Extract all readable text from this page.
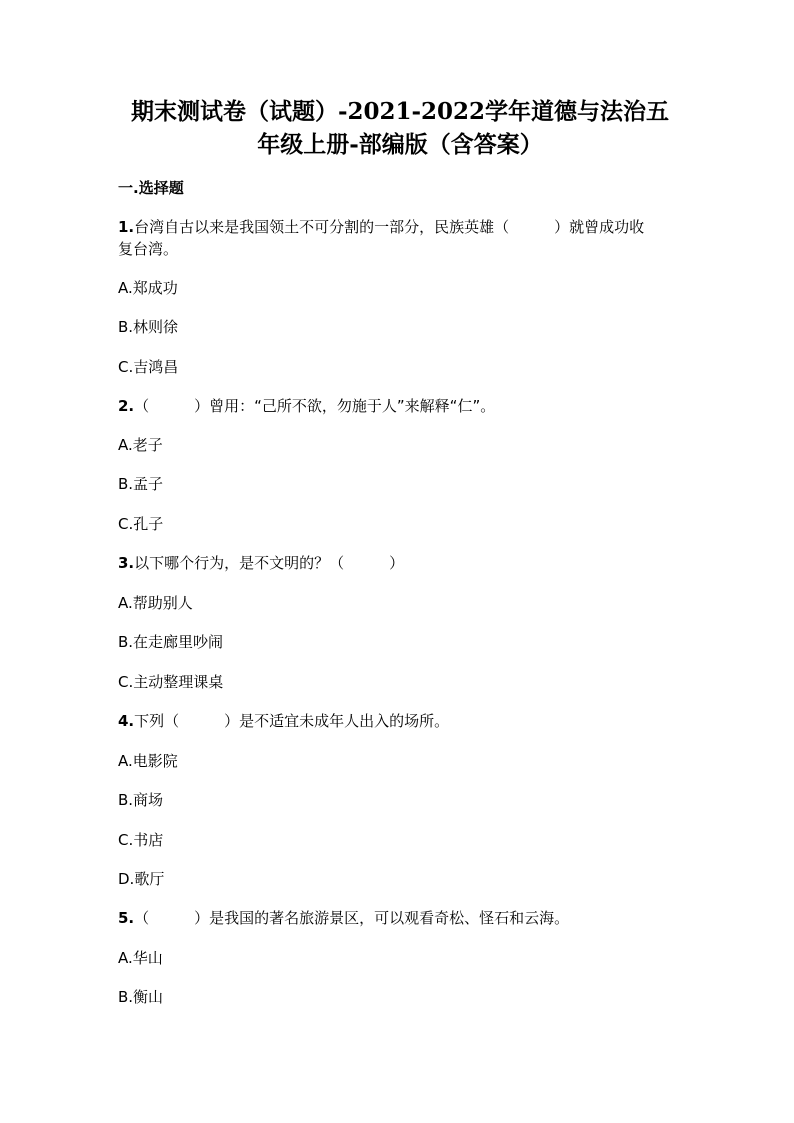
期末测试卷（试题）-2021-2022学年道德与法治五
年级上册-部编版（含答案）
一.选择题
1.台湾自古以来是我国领土不可分割的一部分，民族英雄（　　　）就曾成功收
复台湾。
A.郑成功
B.林则徐
C.吉鸿昌
2.（　　　）曾用：“己所不欲，勿施于人”来解释“仁”。
A.老子
B.孟子
C.孔子
3.以下哪个行为，是不文明的？（　　　）
A.帮助别人
B.在走廊里吵闹
C.主动整理课桌
4.下列（　　　）是不适宜未成年人出入的场所。
A.电影院
B.商场
C.书店
D.歌厅
5.（　　　）是我国的著名旅游景区，可以观看奇松、怪石和云海。
A.华山
B.衡山
